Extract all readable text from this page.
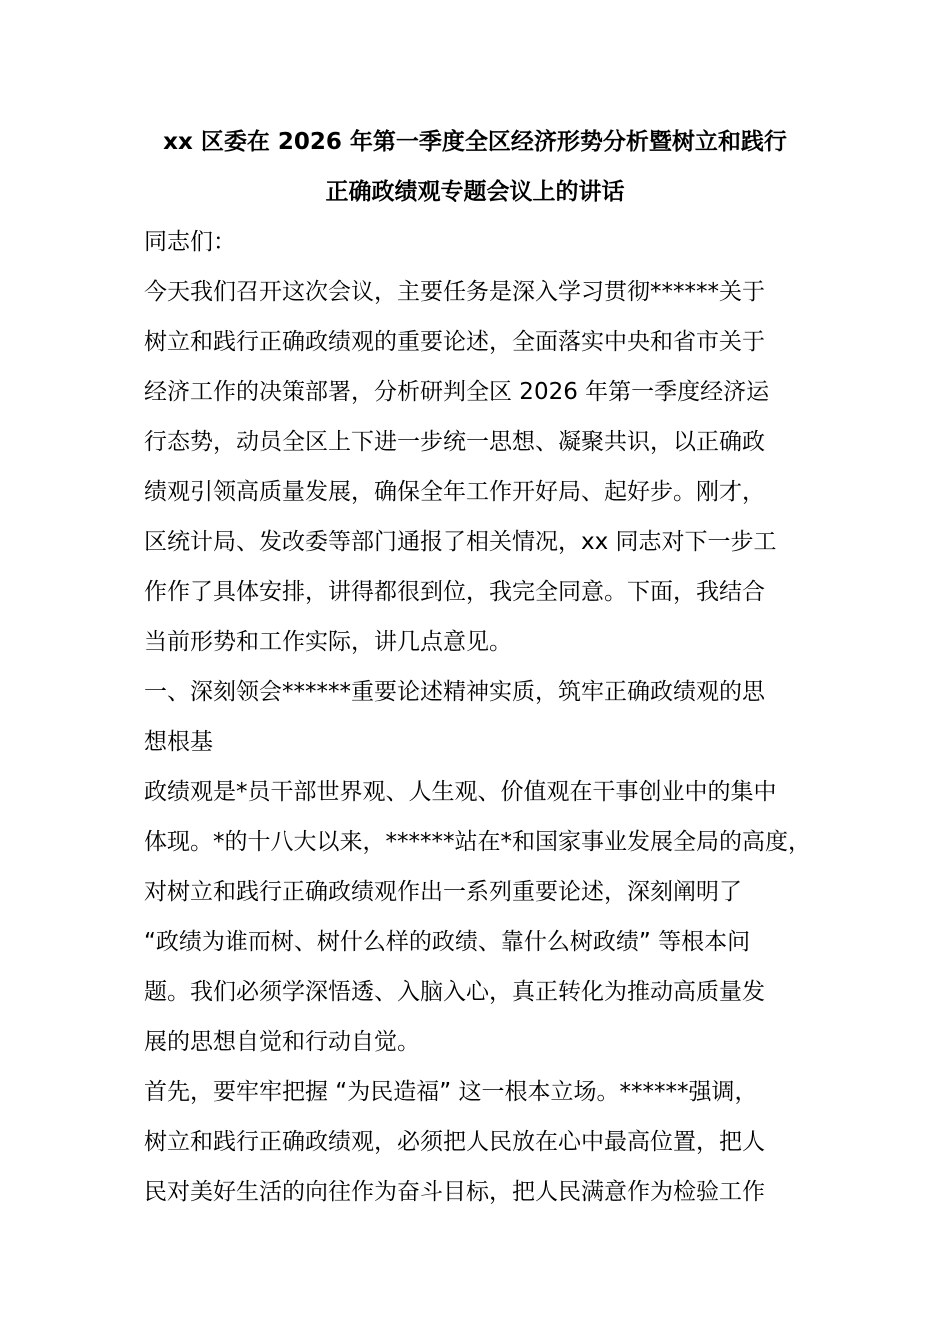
xx 区委在 2026 年第一季度全区经济形势分析暨树立和践行
正确政绩观专题会议上的讲话
同志们：
今天我们召开这次会议，主要任务是深入学习贯彻******关于
树立和践行正确政绩观的重要论述，全面落实中央和省市关于
经济工作的决策部署，分析研判全区 2026 年第一季度经济运
行态势，动员全区上下进一步统一思想、凝聚共识，以正确政
绩观引领高质量发展，确保全年工作开好局、起好步。刚才，
区统计局、发改委等部门通报了相关情况，xx 同志对下一步工
作作了具体安排，讲得都很到位，我完全同意。下面，我结合
当前形势和工作实际，讲几点意见。
一、深刻领会******重要论述精神实质，筑牢正确政绩观的思
想根基
政绩观是*员干部世界观、人生观、价值观在干事创业中的集中
体现。*的十八大以来，******站在*和国家事业发展全局的高度，
对树立和践行正确政绩观作出一系列重要论述，深刻阐明了
“政绩为谁而树、树什么样的政绩、靠什么树政绩” 等根本问
题。我们必须学深悟透、入脑入心，真正转化为推动高质量发
展的思想自觉和行动自觉。
首先，要牢牢把握 “为民造福” 这一根本立场。******强调，
树立和践行正确政绩观，必须把人民放在心中最高位置，把人
民对美好生活的向往作为奋斗目标，把人民满意作为检验工作
